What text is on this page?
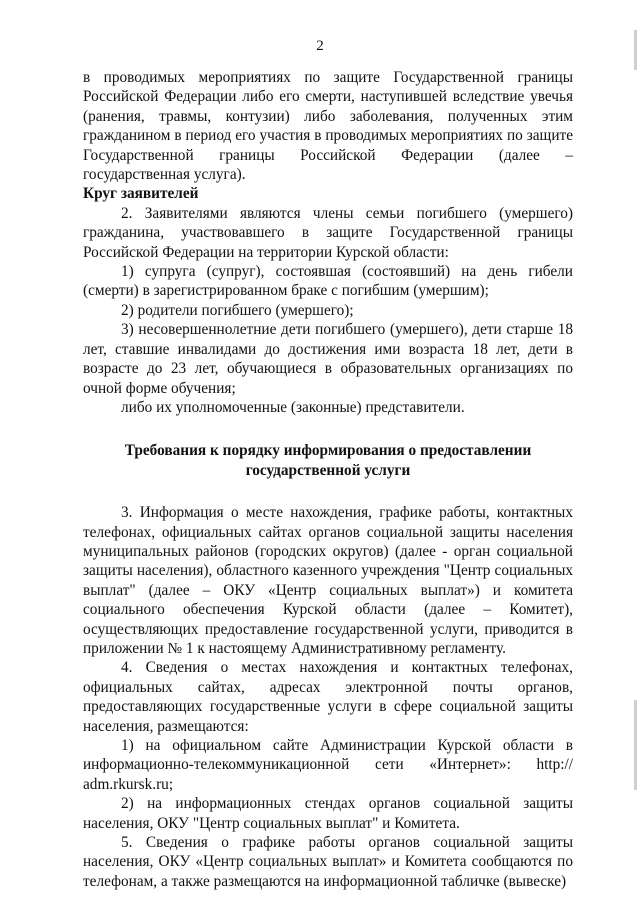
2

в проводимых мероприятиях по защите Государственной границы Российской Федерации либо его смерти, наступившей вследствие увечья (ранения, травмы, контузии) либо заболевания, полученных этим гражданином в период его участия в проводимых мероприятиях по защите Государственной границы Российской Федерации (далее – государственная услуга).

Круг заявителей

2. Заявителями являются члены семьи погибшего (умершего) гражданина, участвовавшего в защите Государственной границы Российской Федерации на территории Курской области:

1) супруга (супруг), состоявшая (состоявший) на день гибели (смерти) в зарегистрированном браке с погибшим (умершим);

2) родители погибшего (умершего);

3) несовершеннолетние дети погибшего (умершего), дети старше 18 лет, ставшие инвалидами до достижения ими возраста 18 лет, дети в возрасте до 23 лет, обучающиеся в образовательных организациях по очной форме обучения;

либо их уполномоченные (законные) представители.

Требования к порядку информирования о предоставлении
государственной услуги

3. Информация о месте нахождения, графике работы, контактных телефонах, официальных сайтах органов социальной защиты населения муниципальных районов (городских округов) (далее - орган социальной защиты населения), областного казенного учреждения "Центр социальных выплат" (далее – ОКУ «Центр социальных выплат») и комитета социального обеспечения Курской области (далее – Комитет), осуществляющих предоставление государственной услуги, приводится в приложении № 1 к настоящему Административному регламенту.

4. Сведения о местах нахождения и контактных телефонах, официальных сайтах, адресах электронной почты органов, предоставляющих государственные услуги в сфере социальной защиты населения, размещаются:

1) на официальном сайте Администрации Курской области в информационно-телекоммуникационной сети «Интернет»: http:// adm.rkursk.ru;

2) на информационных стендах органов социальной защиты населения, ОКУ "Центр социальных выплат" и Комитета.

5. Сведения о графике работы органов социальной защиты населения, ОКУ «Центр социальных выплат» и Комитета сообщаются по телефонам, а также размещаются на информационной табличке (вывеске)
